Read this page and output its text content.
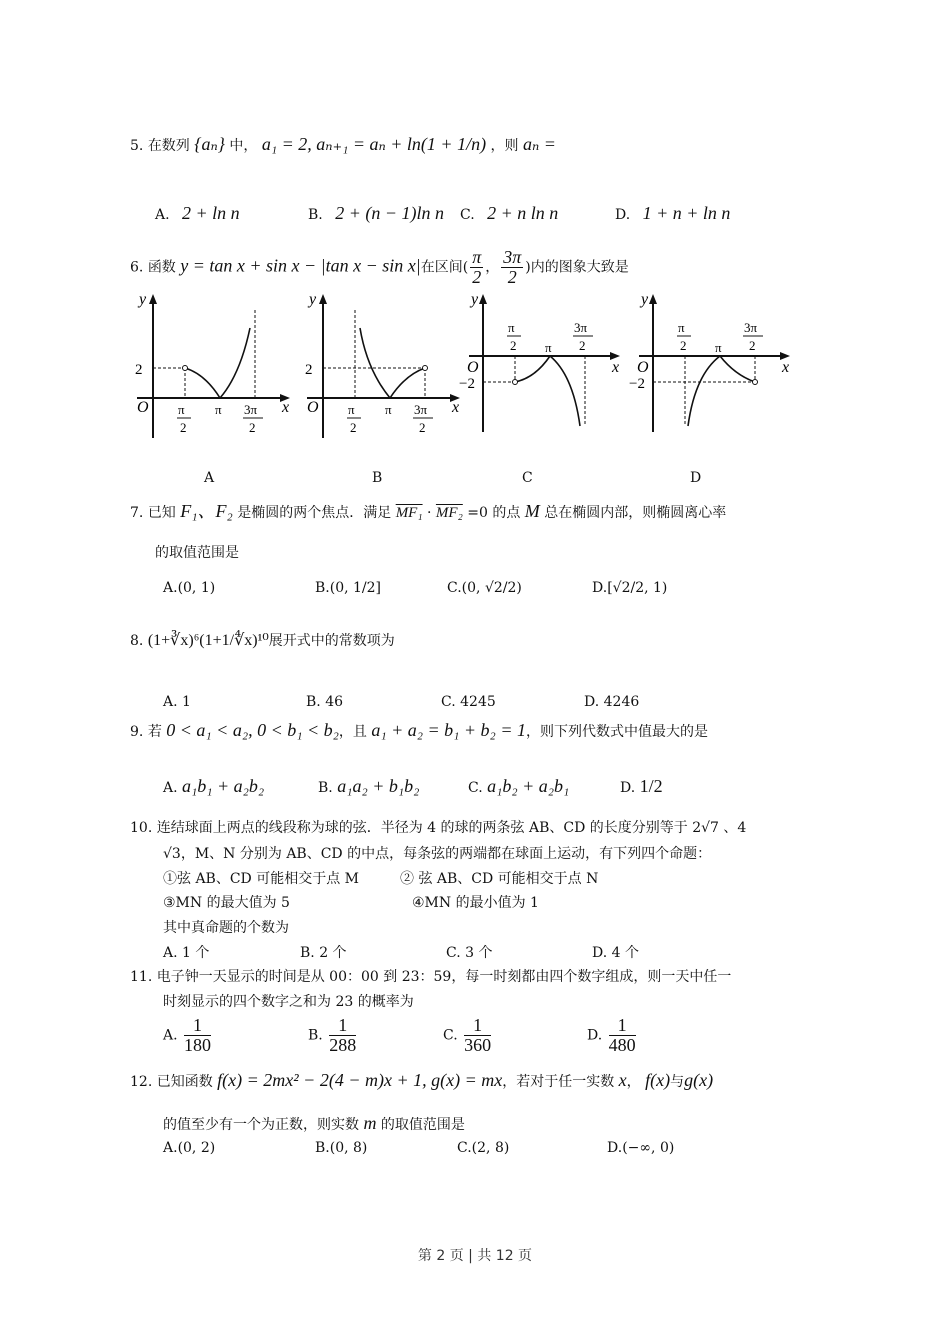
5. 在数列 {aₙ} 中， a₁ = 2, aₙ₊₁ = aₙ + ln(1 + 1/n) ，则 aₙ =
A. 2 + ln n	B. 2 + (n − 1)ln n C. 2 + n ln n	D. 1 + n + ln n
6. 函数 y = tan x + sin x − |tan x − sin x|在区间( $\frac{\pi}{2}$ ， $\frac{3\pi}{2}$ )内的图象大致是
y
x
O
2
π
2
π 3π
2
y
x
O
2
π
2
π 3π
2
y
x
O
−2
π
2 π
3π
2
y
x
O
−2
π
2 π
3π
2
A	B	C	D
7. 已知 F₁、F₂ 是椭圆的两个焦点．满足 MF₁ · MF₂ =0 的点 M 总在椭圆内部，则椭圆离心率
的取值范围是
A.(0, 1)	B.(0, 1/2]	C.(0, √2/2)	D.[√2/2, 1)
8. (1+∛x)⁶(1+1/∜x)¹⁰展开式中的常数项为
A. 1	B. 46	C. 4245	D. 4246
9. 若 0 < a₁ < a₂, 0 < b₁ < b₂，且 a₁ + a₂ = b₁ + b₂ = 1，则下列代数式中值最大的是
A. a₁b₁ + a₂b₂	B. a₁a₂ + b₁b₂	C. a₁b₂ + a₂b₁	D. 1/2
10. 连结球面上两点的线段称为球的弦．半径为 4 的球的两条弦 AB、CD 的长度分别等于 2√7 、4
√3，M、N 分别为 AB、CD 的中点，每条弦的两端都在球面上运动，有下列四个命题：
①弦 AB、CD 可能相交于点 M	② 弦 AB、CD 可能相交于点 N
③MN 的最大值为 5	④MN 的最小值为 1
其中真命题的个数为
A. 1 个	B. 2 个	C. 3 个	D. 4 个
11. 电子钟一天显示的时间是从 00：00 到 23：59，每一时刻都由四个数字组成，则一天中任一
时刻显示的四个数字之和为 23 的概率为
A. $\frac{1}{180}$	B. $\frac{1}{288}$	C. $\frac{1}{360}$	D. $\frac{1}{480}$
12. 已知函数 f(x) = 2mx² − 2(4 − m)x + 1, g(x) = mx，若对于任一实数 x， f(x)与g(x)
的值至少有一个为正数，则实数 m 的取值范围是
A.(0, 2)	B.(0, 8)	C.(2, 8)	D.(−∞, 0)
第 2 页 | 共 12 页
